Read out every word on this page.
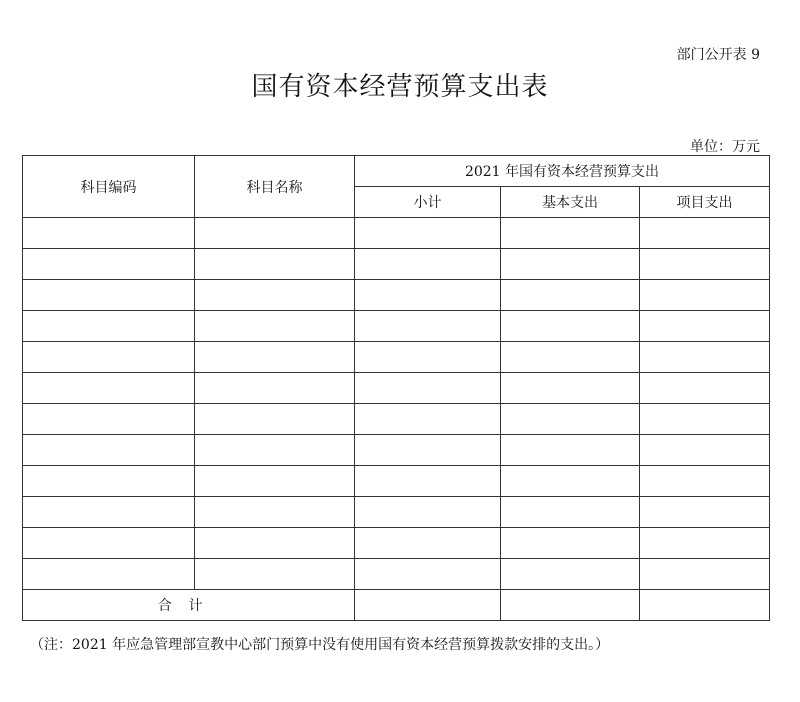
部门公开表 9
国有资本经营预算支出表
单位：万元
科目编码	科目名称	2021 年国有资本经营预算支出		
		小计	基本支出	项目支出

合计				
（注：2021 年应急管理部宣教中心部门预算中没有使用国有资本经营预算拨款安排的支出。）
